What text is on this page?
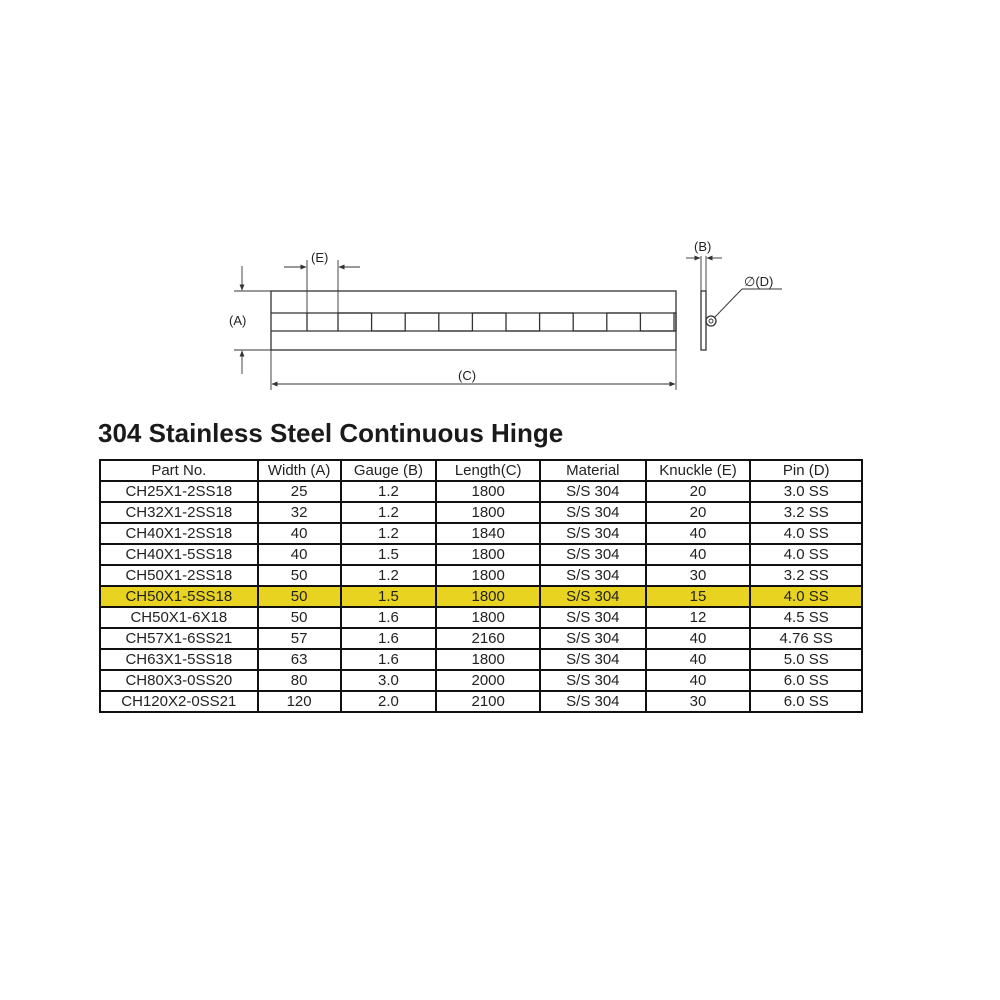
(A)
(E)
(C)
(B)
∅(D)
304 Stainless Steel Continuous Hinge
Part No.	Width (A)	Gauge (B)	Length(C)	Material	Knuckle (E)	Pin (D)
CH25X1-2SS18	25	1.2	1800	S/S 304	20	3.0 SS
CH32X1-2SS18	32	1.2	1800	S/S 304	20	3.2 SS
CH40X1-2SS18	40	1.2	1840	S/S 304	40	4.0 SS
CH40X1-5SS18	40	1.5	1800	S/S 304	40	4.0 SS
CH50X1-2SS18	50	1.2	1800	S/S 304	30	3.2 SS
CH50X1-5SS18	50	1.5	1800	S/S 304	15	4.0 SS
CH50X1-6X18	50	1.6	1800	S/S 304	12	4.5 SS
CH57X1-6SS21	57	1.6	2160	S/S 304	40	4.76 SS
CH63X1-5SS18	63	1.6	1800	S/S 304	40	5.0 SS
CH80X3-0SS20	80	3.0	2000	S/S 304	40	6.0 SS
CH120X2-0SS21	120	2.0	2100	S/S 304	30	6.0 SS
